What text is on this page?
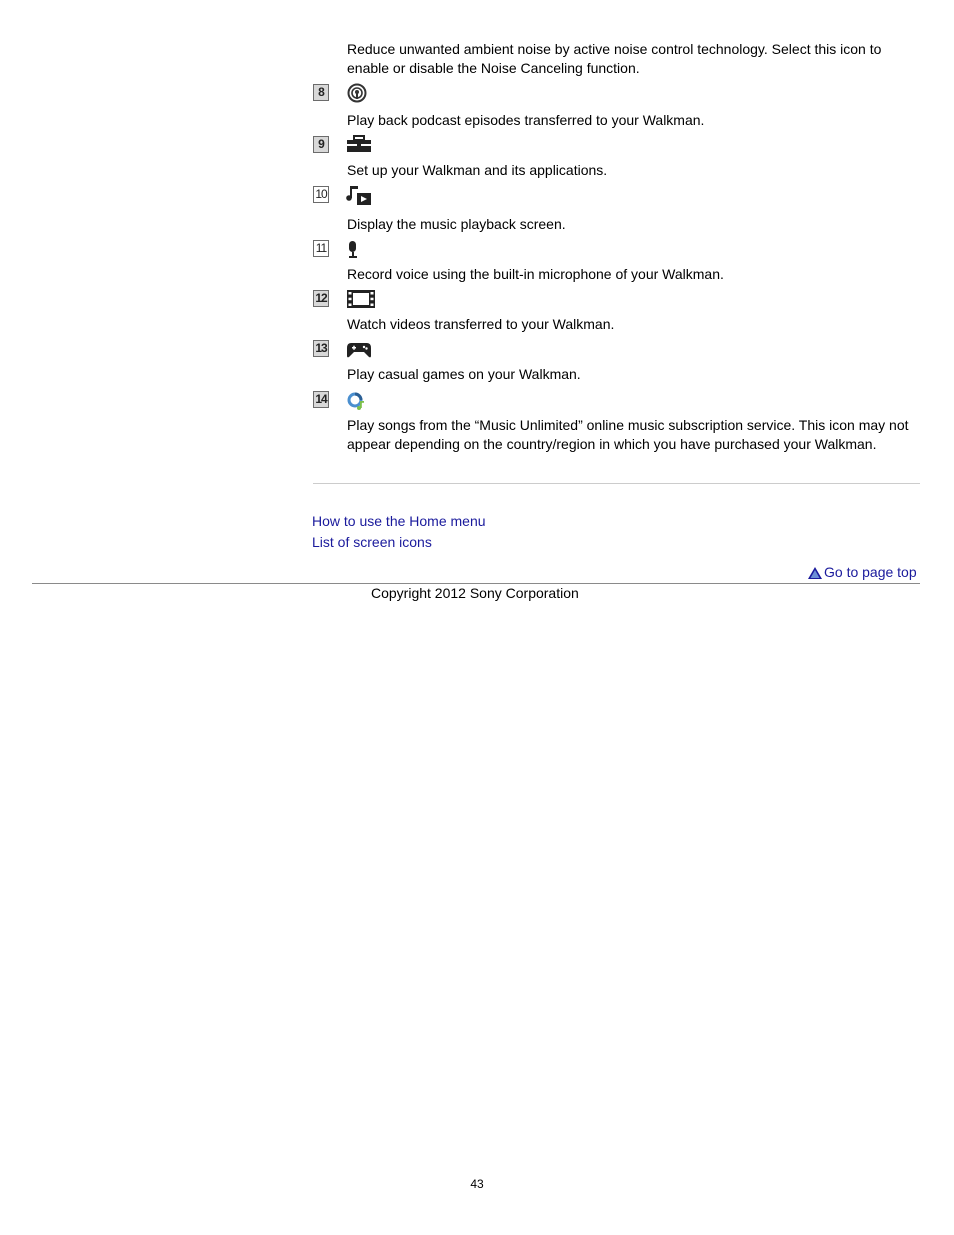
Reduce unwanted ambient noise by active noise control technology. Select this icon to
enable or disable the Noise Canceling function.
8
Play back podcast episodes transferred to your Walkman.
9
Set up your Walkman and its applications.
10
Display the music playback screen.
11
Record voice using the built-in microphone of your Walkman.
12
Watch videos transferred to your Walkman.
13
Play casual games on your Walkman.
14
Play songs from the “Music Unlimited” online music subscription service. This icon may not
appear depending on the country/region in which you have purchased your Walkman.
How to use the Home menu
List of screen icons
Go to page top
Copyright 2012 Sony Corporation
43
